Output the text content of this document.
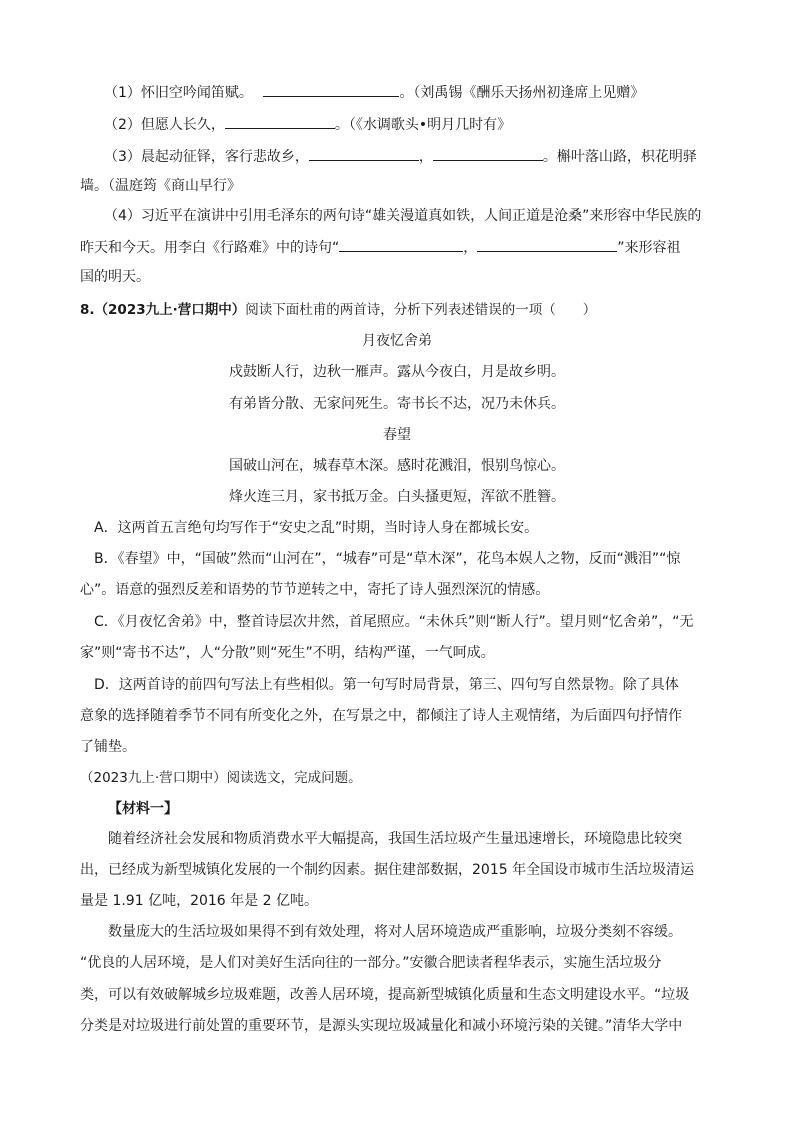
（1）怀旧空吟闻笛赋。	。（刘禹锡《酬乐天扬州初逢席上见赠》
（2）但愿人长久，	。（《水调歌头•明月几时有》
（3）晨起动征铎，客行悲故乡，	，	。槲叶落山路，枳花明驿
墙。（温庭筠《商山早行》
（4）习近平在演讲中引用毛泽东的两句诗“雄关漫道真如铁，人间正道是沧桑”来形容中华民族的
昨天和今天。用李白《行路难》中的诗句“	，	”来形容祖
国的明天。
8.（2023九上·营口期中）阅读下面杜甫的两首诗，分析下列表述错误的一项（　　）
月夜忆舍弟
戍鼓断人行，边秋一雁声。露从今夜白，月是故乡明。
有弟皆分散、无家问死生。寄书长不达，况乃未休兵。
春望
国破山河在，城春草木深。感时花溅泪，恨别鸟惊心。
烽火连三月，家书抵万金。白头搔更短，浑欲不胜簪。
A．这两首五言绝句均写作于“安史之乱”时期，当时诗人身在都城长安。
B．《春望》中，“国破”然而“山河在”，“城春”可是“草木深”，花鸟本娱人之物，反而“溅泪”“惊
心”。语意的强烈反差和语势的节节逆转之中，寄托了诗人强烈深沉的情感。
C．《月夜忆舍弟》中，整首诗层次井然，首尾照应。“未休兵”则“断人行”。望月则“忆舍弟”，“无
家”则“寄书不达”，人“分散”则“死生”不明，结构严谨，一气呵成。
D．这两首诗的前四句写法上有些相似。第一句写时局背景，第三、四句写自然景物。除了具体
意象的选择随着季节不同有所变化之外，在写景之中，都倾注了诗人主观情绪，为后面四句抒情作
了铺垫。
（2023九上·营口期中）阅读选文，完成问题。
【材料一】
随着经济社会发展和物质消费水平大幅提高，我国生活垃圾产生量迅速增长，环境隐患比较突
出，已经成为新型城镇化发展的一个制约因素。据住建部数据，2015 年全国设市城市生活垃圾清运
量是 1.91 亿吨，2016 年是 2 亿吨。
数量庞大的生活垃圾如果得不到有效处理，将对人居环境造成严重影响，垃圾分类刻不容缓。
“优良的人居环境，是人们对美好生活向往的一部分。”安徽合肥读者程华表示，实施生活垃圾分
类，可以有效破解城乡垃圾难题，改善人居环境，提高新型城镇化质量和生态文明建设水平。“垃圾
分类是对垃圾进行前处置的重要环节，是源头实现垃圾减量化和减小环境污染的关键。”清华大学中
